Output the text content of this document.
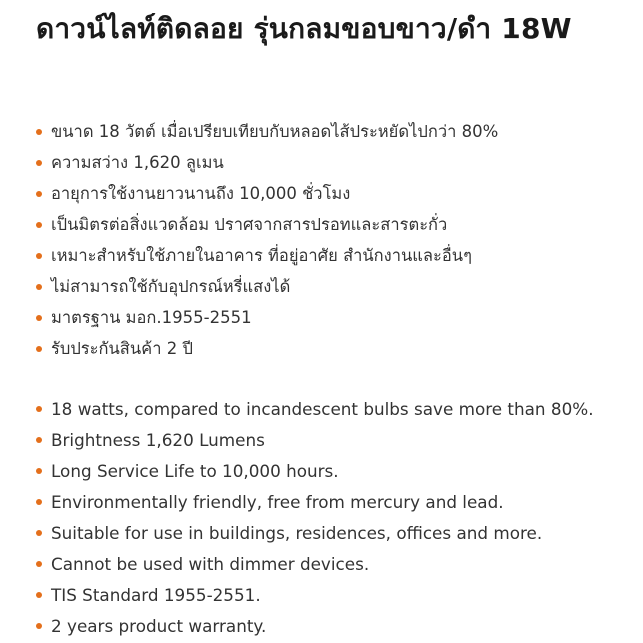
ดาวน์ไลท์ติดลอย รุ่นกลมขอบขาว/ดำ 18W
ขนาด 18 วัตต์ เมื่อเปรียบเทียบกับหลอดไส้ประหยัดไปกว่า 80%
ความสว่าง 1,620 ลูเมน
อายุการใช้งานยาวนานถึง 10,000 ชั่วโมง
เป็นมิตรต่อสิ่งแวดล้อม ปราศจากสารปรอทและสารตะกั่ว
เหมาะสำหรับใช้ภายในอาคาร ที่อยู่อาศัย สำนักงานและอื่นๆ
ไม่สามารถใช้กับอุปกรณ์หรี่แสงได้
มาตรฐาน มอก.1955-2551
รับประกันสินค้า 2 ปี
18 watts, compared to incandescent bulbs save more than 80%.
Brightness 1,620 Lumens
Long Service Life to 10,000 hours.
Environmentally friendly, free from mercury and lead.
Suitable for use in buildings, residences, offices and more.
Cannot be used with dimmer devices.
TIS Standard 1955-2551.
2 years product warranty.
